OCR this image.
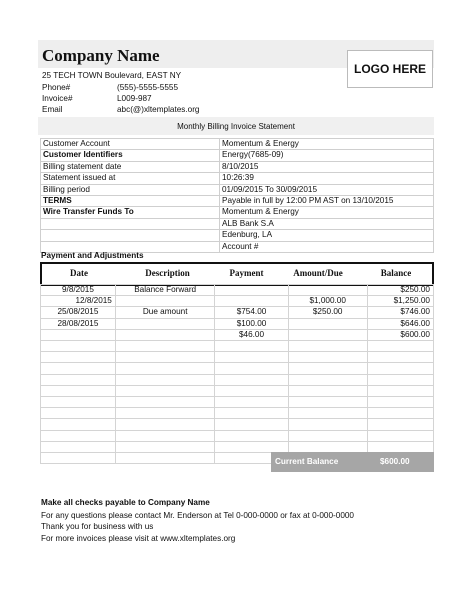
Company Name
LOGO HERE
25 TECH TOWN Boulevard, EAST NY
Phone#	(555)-5555-5555
Invoice#	L009-987
Email	abc(@)xltemplates.org
Monthly Billing Invoice Statement
Customer Account	Momentum & Energy
Customer Identifiers	Energy(7685-09)
Billing statement date	8/10/2015
Statement issued at	10:26:39
Billing period	01/09/2015 To 30/09/2015
TERMS	Payable in full by 12:00 PM AST on 13/10/2015
Wire Transfer Funds To	Momentum & Energy
	ALB Bank S.A
	Edenburg, LA
	Account #
Payment and Adjustments
Date	Description	Payment	Amount/Due	Balance
9/8/2015	Balance Forward			$250.00
12/8/2015			$1,000.00	$1,250.00
25/08/2015	Due amount	$754.00	$250.00	$746.00
28/08/2015		$100.00		$646.00
		$46.00		$600.00

Current Balance	$600.00
Make all checks payable to Company Name
For any questions please contact Mr. Enderson at Tel 0-000-0000 or fax at 0-000-0000
Thank you for business with us
For more invoices please visit at www.xltemplates.org
